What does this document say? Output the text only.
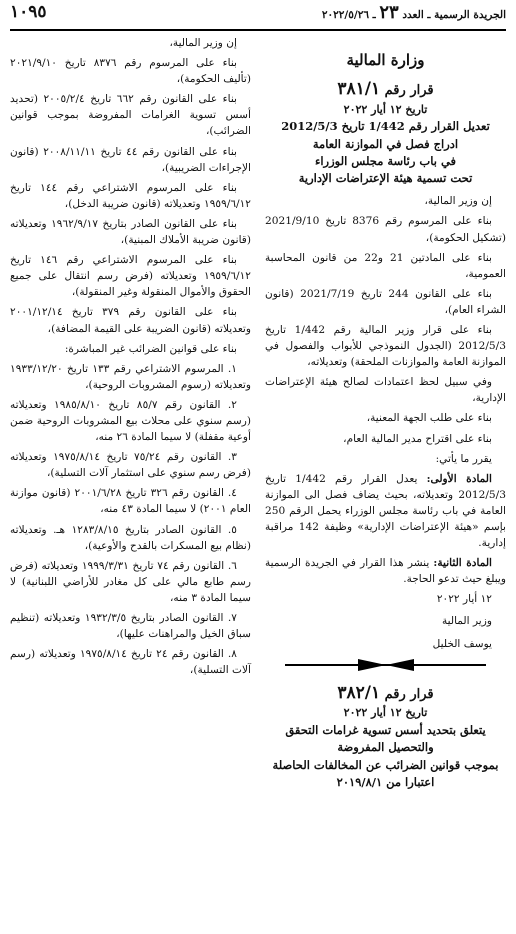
الجريدة الرسمية ـ العدد ٢٣ ـ ٢٠٢٢/٥/٢٦
١٠٩٥
وزارة المالية
قرار رقم ٣٨١/١
تاريخ ١٢ أيار ٢٠٢٢
تعديل القرار رقم 1/442 تاريخ 2012/5/3
ادراج فصل في الموازنة العامة
في باب رئاسة مجلس الوزراء
تحت تسمية هيئة الإعتراضات الإدارية

إن وزير المالية،

بناء على المرسوم رقم 8376 تاريخ 2021/9/10 (تشكيل الحكومة)،

بناء على المادتين 21 و22 من قانون المحاسبة العمومية،

بناء على القانون 244 تاريخ 2021/7/19 (قانون الشراء العام)،

بناء على قرار وزير المالية رقم 1/442 تاريخ 2012/5/3 (الجدول النموذجي للأبواب والفصول في الموازنة العامة والموازنات الملحقة) وتعديلاته،

وفي سبيل لحظ اعتمادات لصالح هيئة الإعتراضات الإدارية،

بناء على طلب الجهة المعنية،

بناء على اقتراح مدير المالية العام،

يقرر ما يأتي:

المادة الأولى: يعدل القرار رقم 1/442 تاريخ 2012/5/3 وتعديلاته، بحيث يضاف فصل الى الموازنة العامة في باب رئاسة مجلس الوزراء يحمل الرقم 250 بإسم «هيئة الإعتراضات الإدارية» وظيفة 142 مراقبة إدارية.

المادة الثانية: ينشر هذا القرار في الجريدة الرسمية ويبلغ حيث تدعو الحاجة.

١٢ أيار ٢٠٢٢

وزير المالية

يوسف الخليل

قرار رقم ٣٨٢/١
تاريخ ١٢ أيار ٢٠٢٢
يتعلق بتحديد أسس تسوية غرامات التحقق
والتحصيل المفروضة
بموجب قوانين الضرائب عن المخالفات الحاصلة
اعتبارا من ٢٠١٩/٨/١

إن وزير المالية،

بناء على المرسوم رقم ٨٣٧٦ تاريخ ٢٠٢١/٩/١٠ (تأليف الحكومة)،

بناء على القانون رقم ٦٦٢ تاريخ ٢٠٠٥/٢/٤ (تحديد أسس تسوية الغرامات المفروضة بموجب قوانين الضرائب)،

بناء على القانون رقم ٤٤ تاريخ ٢٠٠٨/١١/١١ (قانون الإجراءات الضريبية)،

بناء على المرسوم الاشتراعي رقم ١٤٤ تاريخ ١٩٥٩/٦/١٢ وتعديلاته (قانون ضريبة الدخل)،

بناء على القانون الصادر بتاريخ ١٩٦٢/٩/١٧ وتعديلاته (قانون ضريبة الأملاك المبنية)،

بناء على المرسوم الاشتراعي رقم ١٤٦ تاريخ ١٩٥٩/٦/١٢ وتعديلاته (فرض رسم انتقال على جميع الحقوق والأموال المنقولة وغير المنقولة)،

بناء على القانون رقم ٣٧٩ تاريخ ٢٠٠١/١٢/١٤ وتعديلاته (قانون الضريبة على القيمة المضافة)،

بناء على قوانين الضرائب غير المباشرة:

١. المرسوم الاشتراعي رقم ١٣٣ تاريخ ١٩٣٣/١٢/٢٠ وتعديلاته (رسوم المشروبات الروحية)،

٢. القانون رقم ٨٥/٧ تاريخ ١٩٨٥/٨/١٠ وتعديلاته (رسم سنوي على محلات بيع المشروبات الروحية ضمن أوعية مقفلة) لا سيما المادة ٢٦ منه،

٣. القانون رقم ٧٥/٢٤ تاريخ ١٩٧٥/٨/١٤ وتعديلاته (فرض رسم سنوي على استثمار آلات التسلية)،

٤. القانون رقم ٣٢٦ تاريخ ٢٠٠١/٦/٢٨ (قانون موازنة العام ٢٠٠١) لا سيما المادة ٤٣ منه،

٥. القانون الصادر بتاريخ ١٢٨٣/٨/١٥ هـ. وتعديلاته (نظام بيع المسكرات بالقدح والأوعية)،

٦. القانون رقم ٧٤ تاريخ ١٩٩٩/٣/٣١ وتعديلاته (فرض رسم طابع مالي على كل مغادر للأراضي اللبنانية) لا سيما المادة ٣ منه،

٧. القانون الصادر بتاريخ ١٩٣٢/٣/٥ وتعديلاته (تنظيم سباق الخيل والمراهنات عليها)،

٨. القانون رقم ٢٤ تاريخ ١٩٧٥/٨/١٤ وتعديلاته (رسم آلات التسلية)،
